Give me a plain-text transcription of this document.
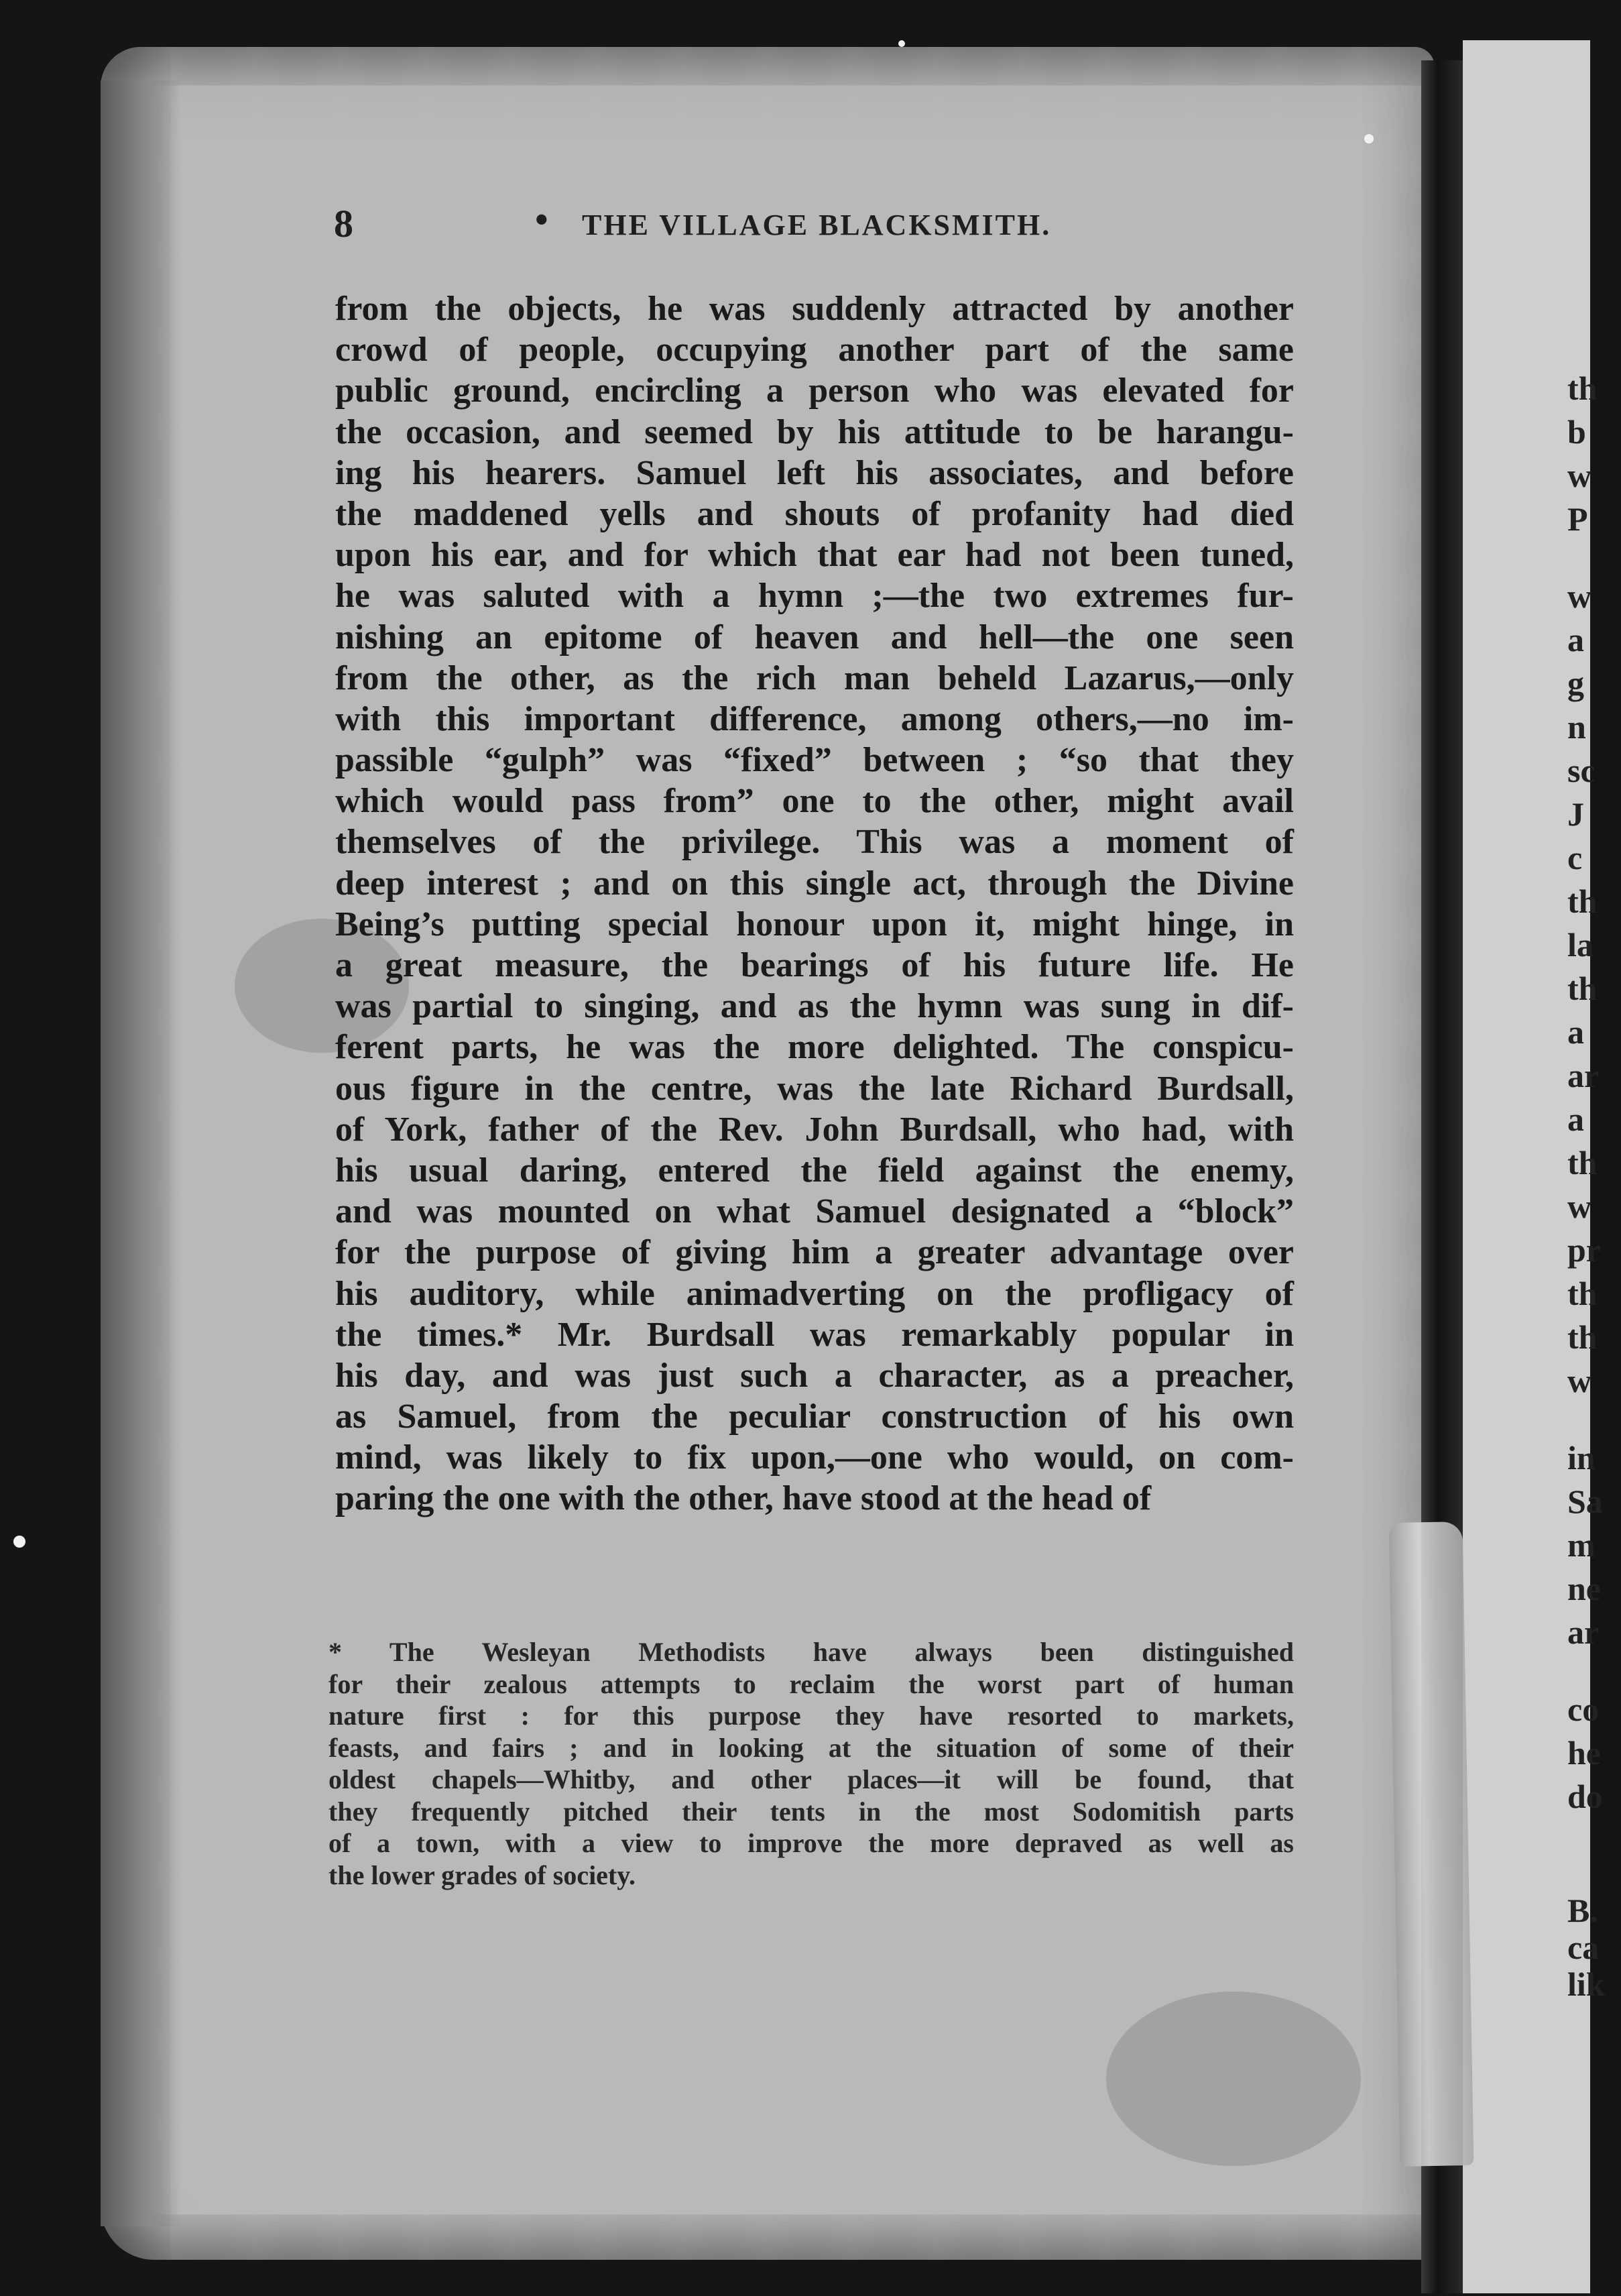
th
b
w
P
w
a
g
n
sc
J
c
th
la
th
a
ar
a
th
w
pr
th
th
w
in
Sa
m
ne
ar
co
he
do
B.
ca
lik
8	• THE VILLAGE BLACKSMITH.
from the objects, he was suddenly attracted by another
crowd of people, occupying another part of the same
public ground, encircling a person who was elevated for
the occasion, and seemed by his attitude to be harangu-
ing his hearers. Samuel left his associates, and before
the maddened yells and shouts of profanity had died
upon his ear, and for which that ear had not been tuned,
he was saluted with a hymn ;—the two extremes fur-
nishing an epitome of heaven and hell—the one seen
from the other, as the rich man beheld Lazarus,—only
with this important difference, among others,—no im-
passible “gulph” was “fixed” between ; “so that they
which would pass from” one to the other, might avail
themselves of the privilege. This was a moment of
deep interest ; and on this single act, through the Divine
Being’s putting special honour upon it, might hinge, in
a great measure, the bearings of his future life. He
was partial to singing, and as the hymn was sung in dif-
ferent parts, he was the more delighted. The conspicu-
ous figure in the centre, was the late Richard Burdsall,
of York, father of the Rev. John Burdsall, who had, with
his usual daring, entered the field against the enemy,
and was mounted on what Samuel designated a “block”
for the purpose of giving him a greater advantage over
his auditory, while animadverting on the profligacy of
the times.* Mr. Burdsall was remarkably popular in
his day, and was just such a character, as a preacher,
as Samuel, from the peculiar construction of his own
mind, was likely to fix upon,—one who would, on com-
paring the one with the other, have stood at the head of
* The Wesleyan Methodists have always been distinguished
for their zealous attempts to reclaim the worst part of human
nature first : for this purpose they have resorted to markets,
feasts, and fairs ; and in looking at the situation of some of their
oldest chapels—Whitby, and other places—it will be found, that
they frequently pitched their tents in the most Sodomitish parts
of a town, with a view to improve the more depraved as well as
the lower grades of society.
